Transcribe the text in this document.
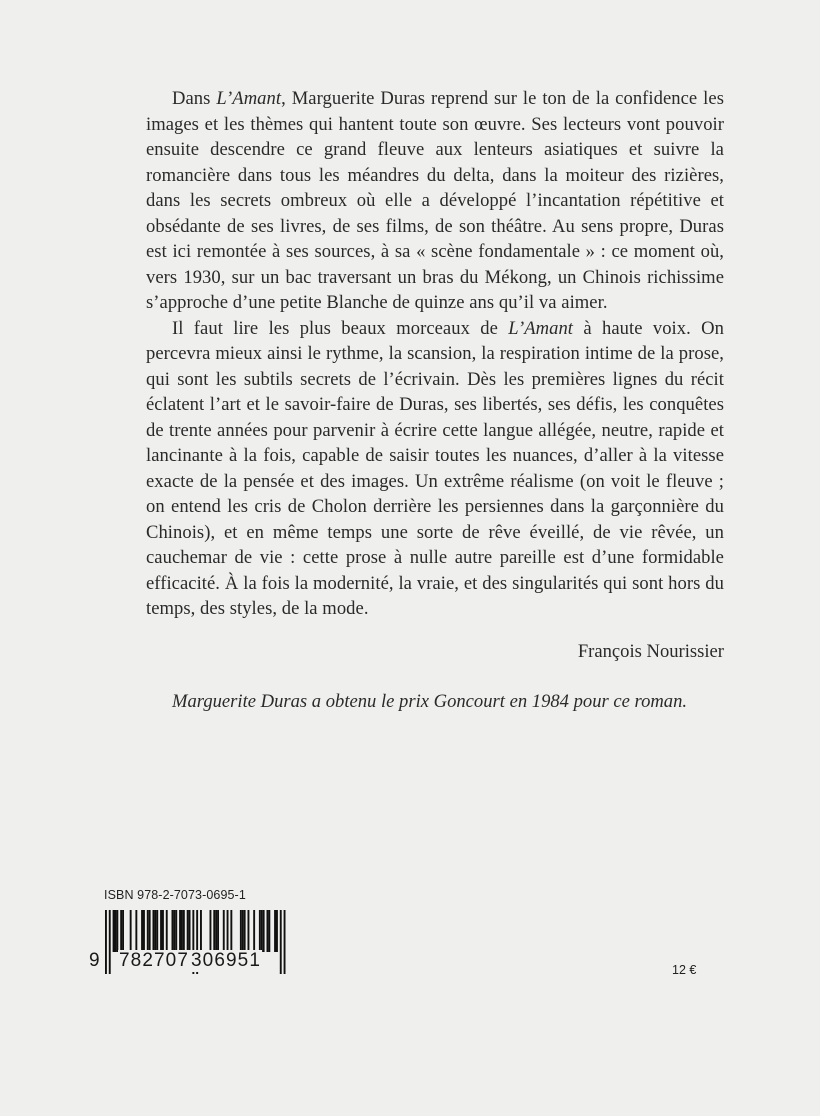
Dans L’Amant, Marguerite Duras reprend sur le ton de la confidence les images et les thèmes qui hantent toute son œuvre. Ses lecteurs vont pouvoir ensuite descendre ce grand fleuve aux lenteurs asiatiques et suivre la romancière dans tous les méandres du delta, dans la moiteur des rizières, dans les secrets ombreux où elle a développé l’incantation répétitive et obsédante de ses livres, de ses films, de son théâtre. Au sens propre, Duras est ici remontée à ses sources, à sa « scène fondamentale » : ce moment où, vers 1930, sur un bac traversant un bras du Mékong, un Chinois richissime s’approche d’une petite Blanche de quinze ans qu’il va aimer.

Il faut lire les plus beaux morceaux de L’Amant à haute voix. On percevra mieux ainsi le rythme, la scansion, la respiration intime de la prose, qui sont les subtils secrets de l’écrivain. Dès les premières lignes du récit éclatent l’art et le savoir-faire de Duras, ses libertés, ses défis, les conquêtes de trente années pour parvenir à écrire cette langue allégée, neutre, rapide et lancinante à la fois, capable de saisir toutes les nuances, d’aller à la vitesse exacte de la pensée et des images. Un extrême réalisme (on voit le fleuve ; on entend les cris de Cholon derrière les persiennes dans la garçonnière du Chinois), et en même temps une sorte de rêve éveillé, de vie rêvée, un cauchemar de vie : cette prose à nulle autre pareille est d’une formidable efficacité. À la fois la modernité, la vraie, et des singularités qui sont hors du temps, des styles, de la mode.

François Nourissier

Marguerite Duras a obtenu le prix Goncourt en 1984 pour ce roman.

ISBN 978-2-7073-0695-1
9 782707 306951	12 €
